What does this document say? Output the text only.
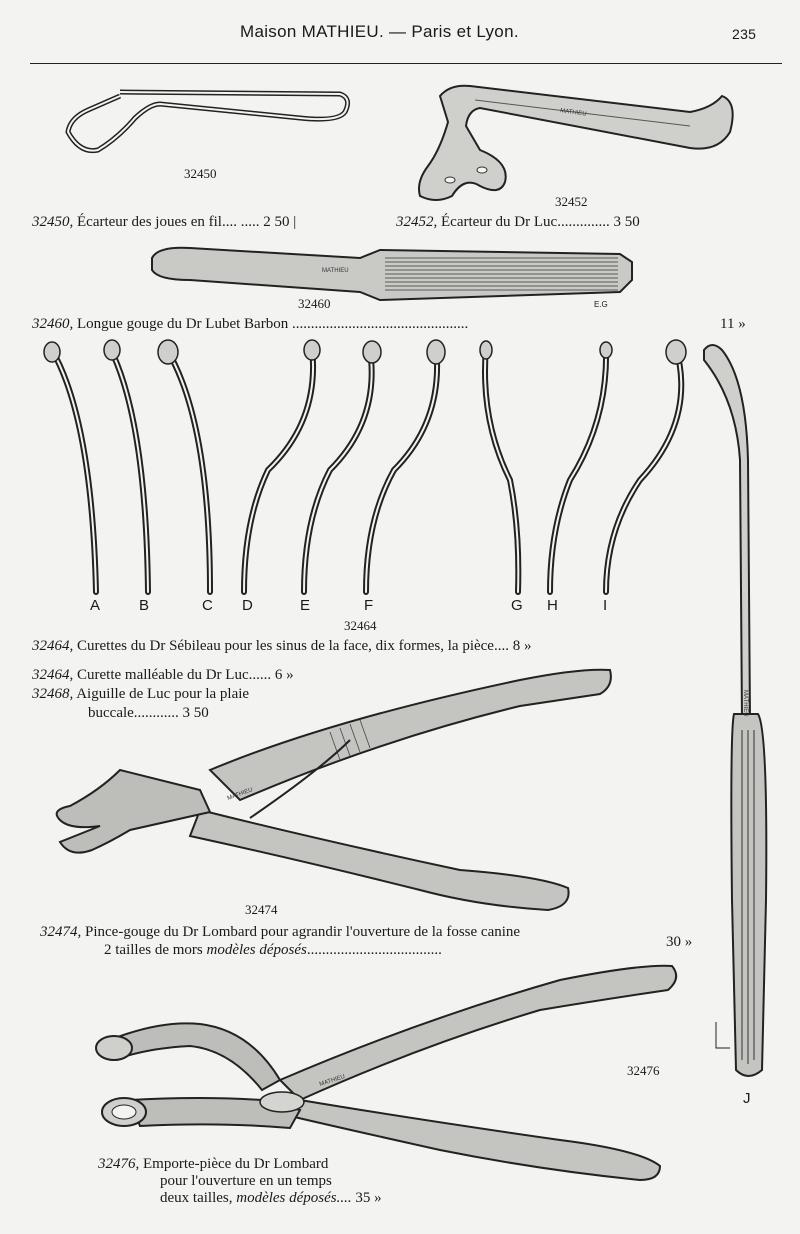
Maison MATHIEU. — Paris et Lyon.	235
32450
MATHIEU
32452
32450, Écarteur des joues en fil.... ..... 2 50 |	32452, Écarteur du Dr Luc.............. 3 50
MATHIEU
E.G
32460
32460, Longue gouge du Dr Lubet Barbon ...............................................	11 »
MATHIEU
A	B	C D	E	F	G H	I
J
32464
32464, Curettes du Dr Sébileau pour les sinus de la face, dix formes, la pièce.... 8 »
32464, Curette malléable du Dr Luc...... 6 »
32468, Aiguille de Luc pour la plaie
buccale............ 3 50
MATHIEU
32474
32474, Pince-gouge du Dr Lombard pour agrandir l'ouverture de la fosse canine
2 tailles de mors modèles déposés....................................	30 »
MATHIEU
32476
32476, Emporte-pièce du Dr Lombard
pour l'ouverture en un temps
deux tailles, modèles déposés.... 35 »
